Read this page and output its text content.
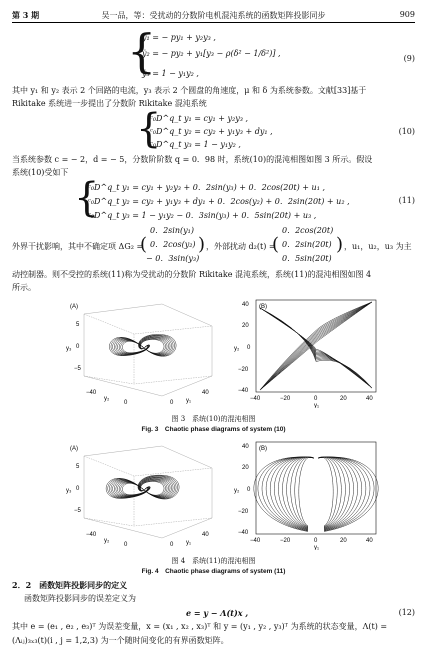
第 3 期	吴一品，等：受扰动的分数阶电机混沌系统的函数矩阵投影同步	909
{
ẏ₁ = − py₁ + y₂y₃ ,
ẏ₂ = − py₂ + y₁[y₃ − ρ(δ² − 1/δ²)] ,
ẏ₃ = 1 − y₁y₂ ,
(9)
其中 y₁ 和 y₂ 表示 2 个回路的电流，y₃ 表示 2 个圆盘的角速度，μ 和 δ 为系统参数。文献[33]基于
Rikitake 系统进一步提出了分数阶 Rikitake 混沌系统
{
ᶜ₀D^q_t y₁ = cy₁ + y₂y₃ ,
ᶜ₀D^q_t y₂ = cy₂ + y₁y₃ + dy₁ ,
ᶜ₀D^q_t y₃ = 1 − y₁y₂ ,
(10)
当系统参数 c = − 2，d = − 5，分数阶阶数 q = 0．98 时，系统(10)的混沌相图如图 3 所示。假设
系统(10)受如下
{
ᶜ₀D^q_t y₁ = cy₁ + y₂y₃ + 0．2sin(y₃) + 0．2cos(20t) + u₁ ,
ᶜ₀D^q_t y₂ = cy₂ + y₁y₃ + dy₁ + 0．2cos(y₂) + 0．2sin(20t) + u₂ ,
ᶜ₀D^q_t y₃ = 1 − y₁y₂ − 0．3sin(y₃) + 0．5sin(20t) + u₃ ,
(11)
外界干扰影响，其中不确定项 ΔG₂ =
(
0．2sin(y₁)
0．2cos(y₂)
− 0．3sin(y₃)
) ，外部扰动 d₂(t) =
(
0．2cos(20t)
0．2sin(20t)
0．5sin(20t)
) ，u₁，u₂，u₃ 为主
动控制器。则不受控的系统(11)称为受扰动的分数阶 Rikitake 混沌系统，系统(11)的混沌相图如图 4
所示。
(A)
5
0
−5
y₃
−40
0
y₂
0
40
y₁
(B)
40
20
0
−20
−40
y₂
−40	−20	0	20	40
y₁
图 3　系统(10)的混沌相图
Fig. 3　Chaotic phase diagrams of system (10)
(A)
5
0
−5
y₃
−40
0
y₂
0
40
y₁
(B)
40
20
0
−20
−40
y₂
−40	−20	0	20	40
y₁
图 4　系统(11)的混沌相图
Fig. 4　Chaotic phase diagrams of system (11)
2．2　函数矩阵投影同步的定义
函数矩阵投影同步的误差定义为
e = y − Λ(t)x ,	(12)
其中 e = (e₁ , e₂ , e₃)ᵀ 为误差变量，x = (x₁ , x₂ , x₃)ᵀ 和 y = (y₁ , y₂ , y₃)ᵀ 为系统的状态变量，Λ(t) =
(Λᵢⱼ)₃ₓ₃(t)(i , j = 1,2,3) 为一个随时间变化的有界函数矩阵。
